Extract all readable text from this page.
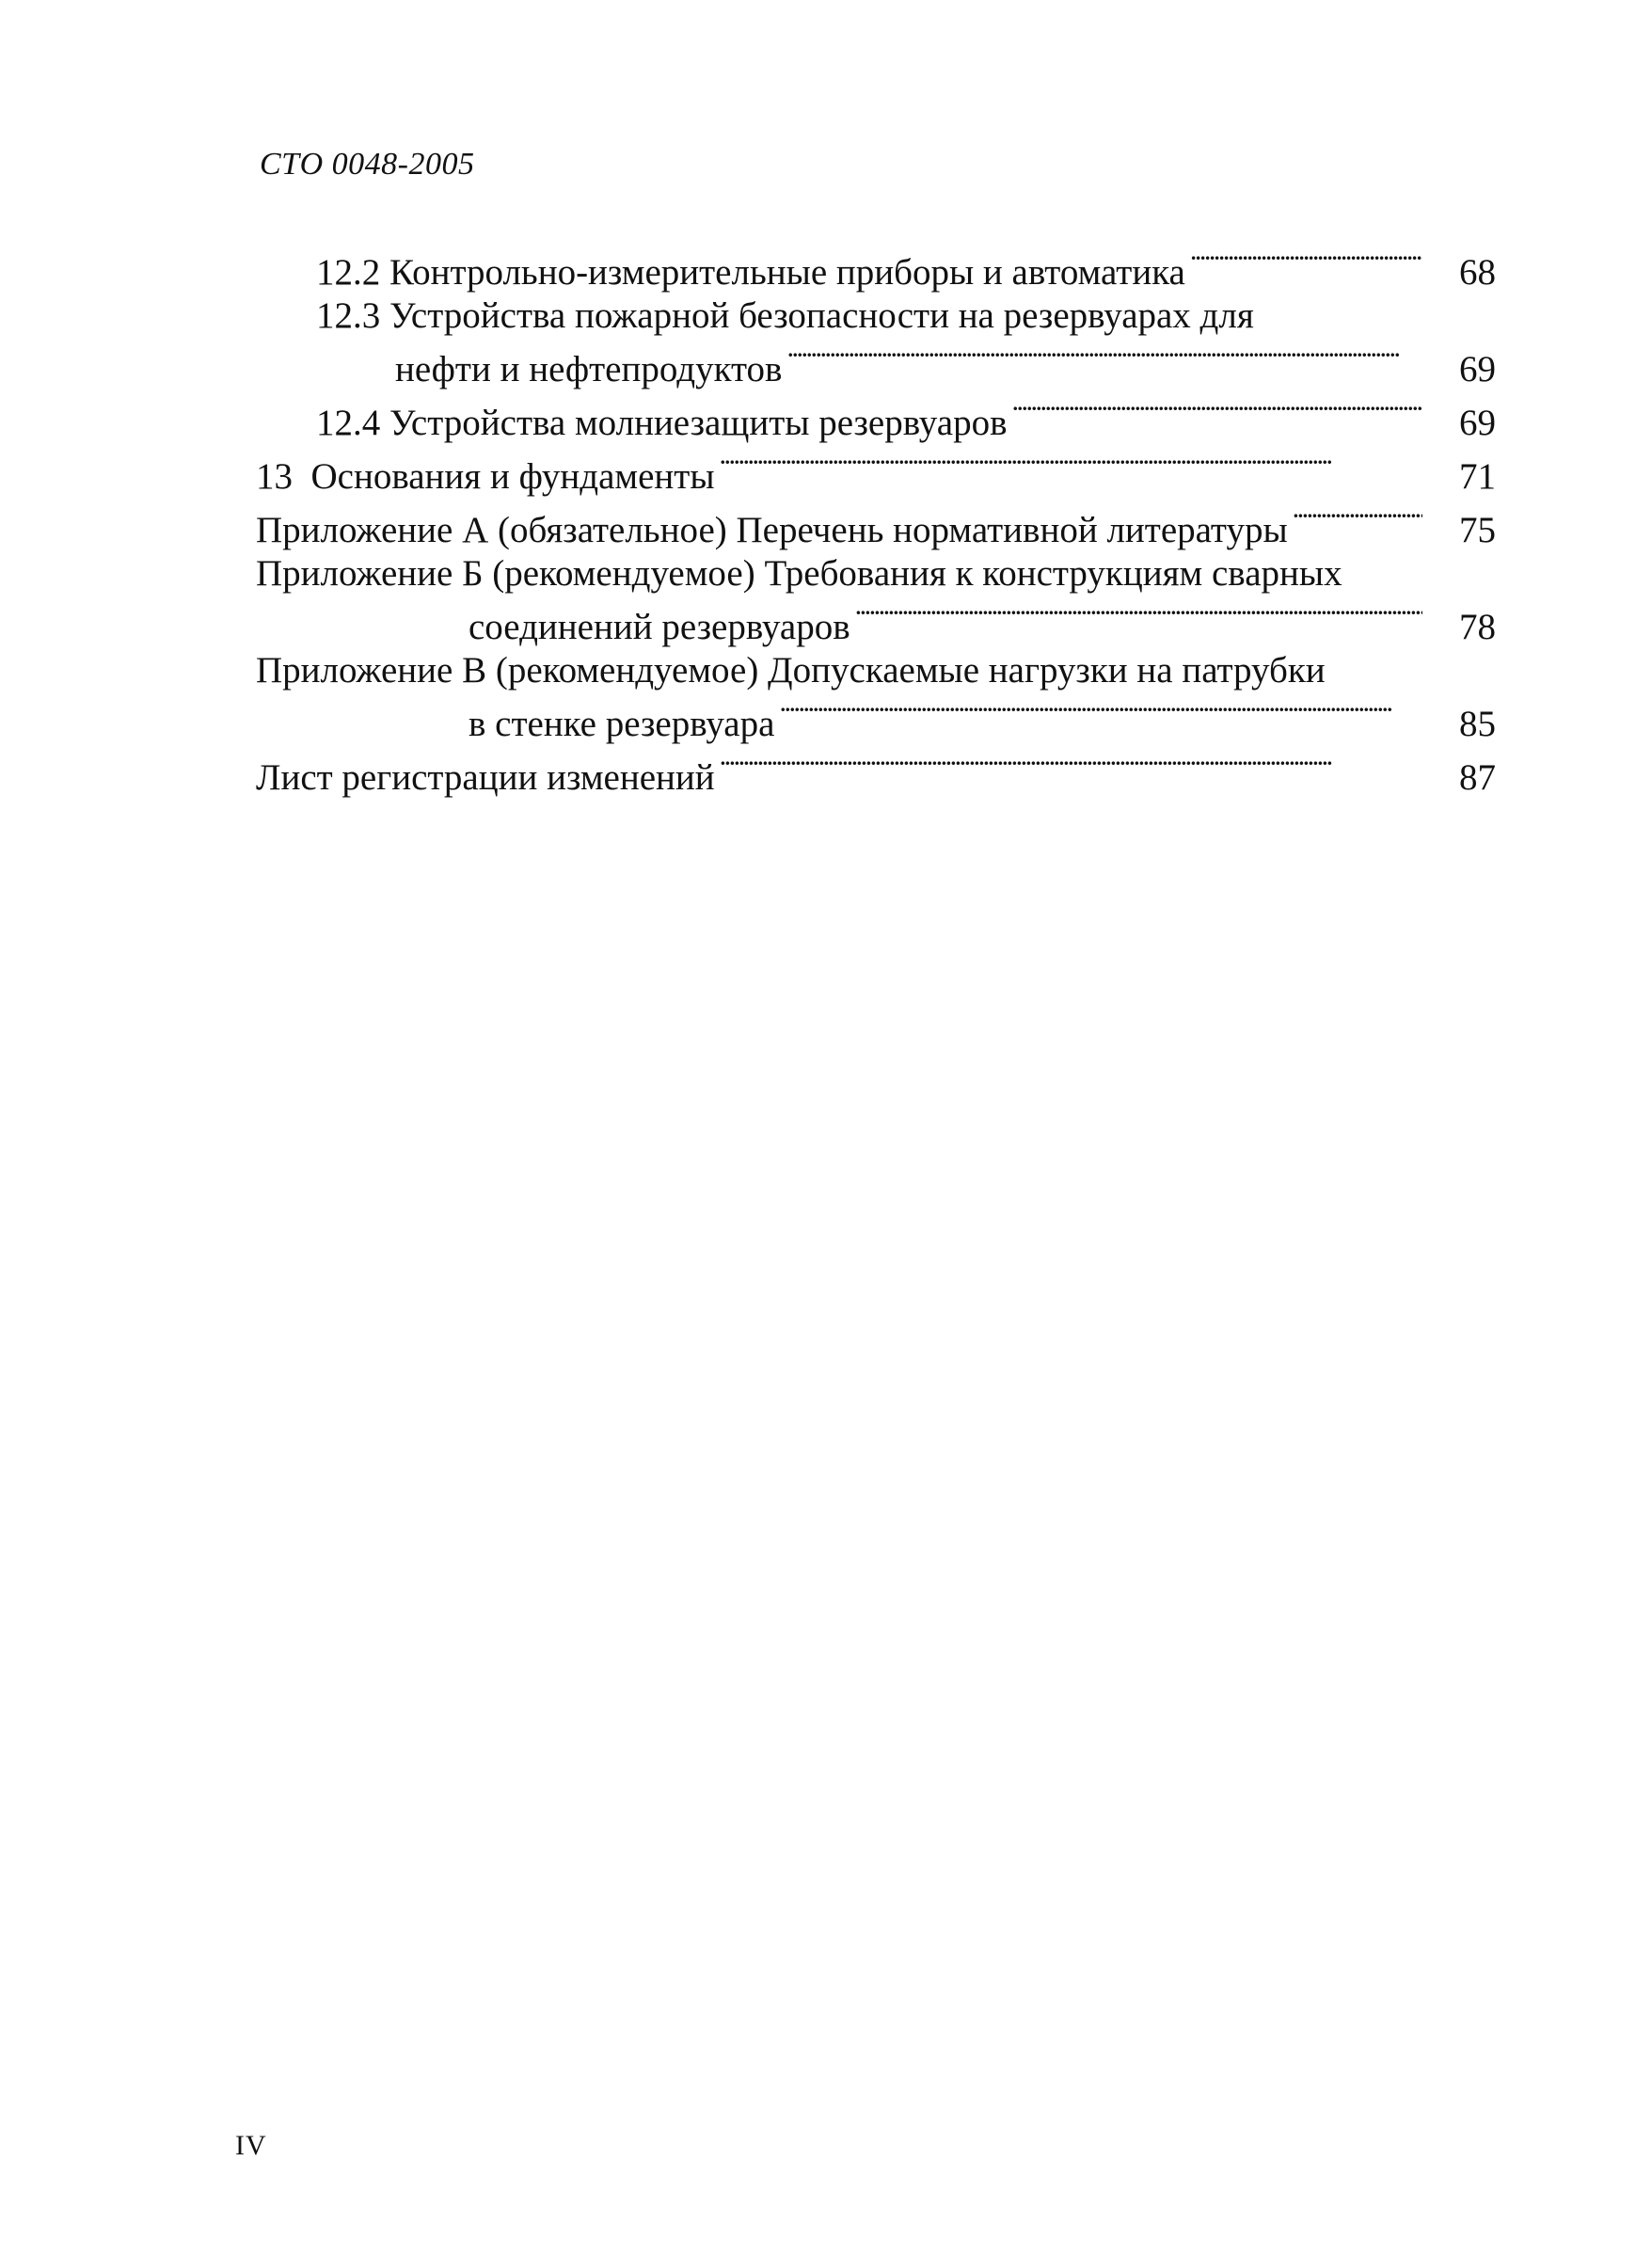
СТО 0048-2005
12.2 Контрольно-измерительные приборы и автоматика . . .	68
12.3 Устройства пожарной безопасности на резервуарах для
нефти и нефтепродуктов . . .	69
12.4 Устройства молниезащиты резервуаров . . .	69
13  Основания и фундаменты . . .	71
Приложение А (обязательное) Перечень нормативной литературы . . .	75
Приложение Б (рекомендуемое) Требования к конструкциям сварных
соединений резервуаров . . .	78
Приложение В (рекомендуемое) Допускаемые нагрузки на патрубки
в стенке резервуара . . .	85
Лист регистрации изменений . . .	87
IV
